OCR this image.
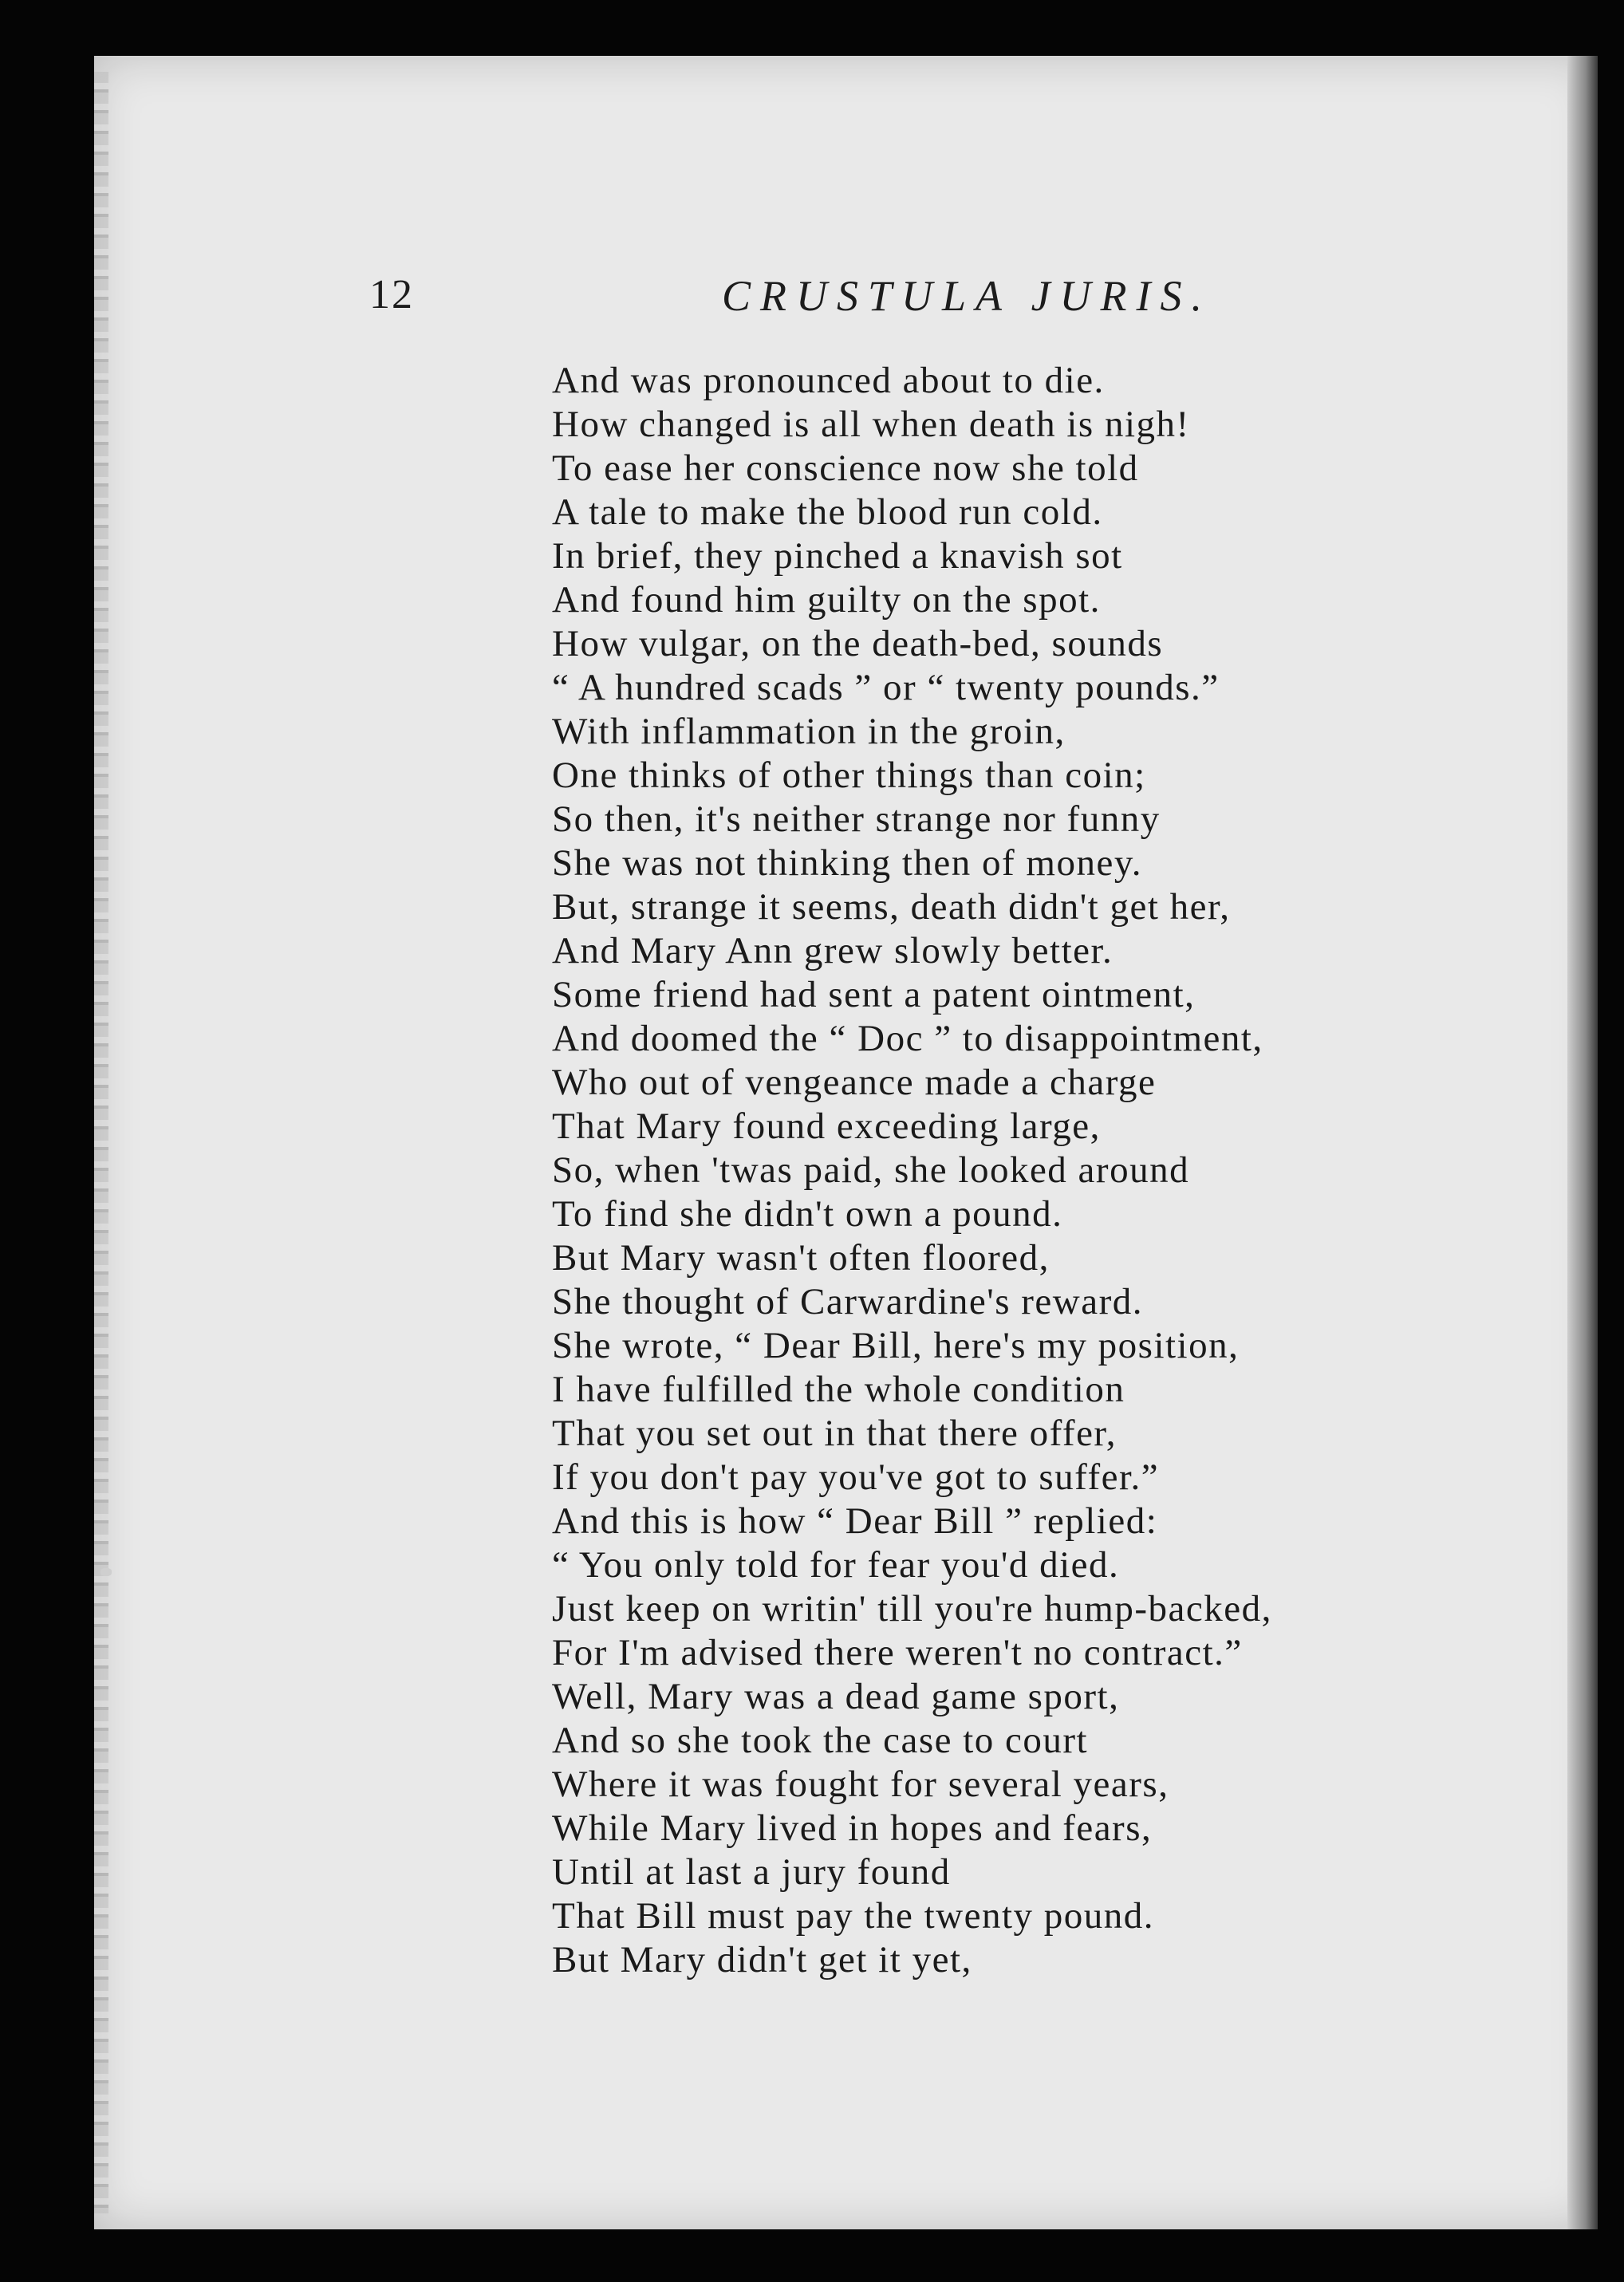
12	CRUSTULA JURIS.
And was pronounced about to die.
How changed is all when death is nigh!
To ease her conscience now she told
A tale to make the blood run cold.
In brief, they pinched a knavish sot
And found him guilty on the spot.
How vulgar, on the death-bed, sounds
“ A hundred scads ” or “ twenty pounds.”
With inflammation in the groin,
One thinks of other things than coin;
So then, it's neither strange nor funny
She was not thinking then of money.
But, strange it seems, death didn't get her,
And Mary Ann grew slowly better.
Some friend had sent a patent ointment,
And doomed the “ Doc ” to disappointment,
Who out of vengeance made a charge
That Mary found exceeding large,
So, when 'twas paid, she looked around
To find she didn't own a pound.
But Mary wasn't often floored,
She thought of Carwardine's reward.
She wrote, “ Dear Bill, here's my position,
I have fulfilled the whole condition
That you set out in that there offer,
If you don't pay you've got to suffer.”
And this is how “ Dear Bill ” replied:
“ You only told for fear you'd died.
Just keep on writin' till you're hump-backed,
For I'm advised there weren't no contract.”
Well, Mary was a dead game sport,
And so she took the case to court
Where it was fought for several years,
While Mary lived in hopes and fears,
Until at last a jury found
That Bill must pay the twenty pound.
But Mary didn't get it yet,
